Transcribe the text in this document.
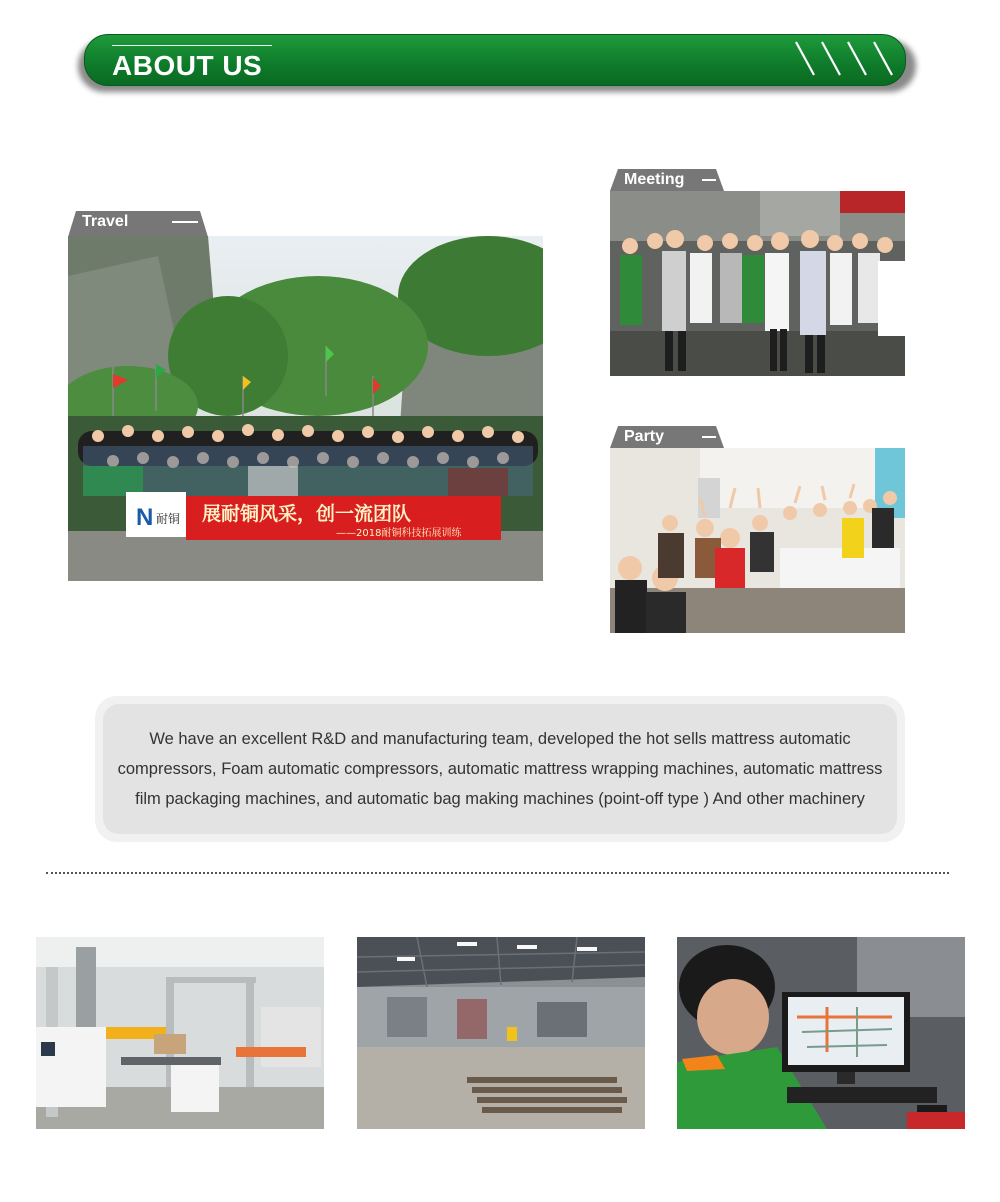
ABOUT US
Travel
N 耐铜 展耐铜风采，创一流团队
——2018耐铜科技拓展训练
Meeting
Party

We have an excellent R&D and manufacturing team, developed the hot sells mattress automatic compressors, Foam automatic compressors, automatic mattress wrapping machines, automatic mattress film packaging machines, and automatic bag making machines (point-off type ) And other machinery
